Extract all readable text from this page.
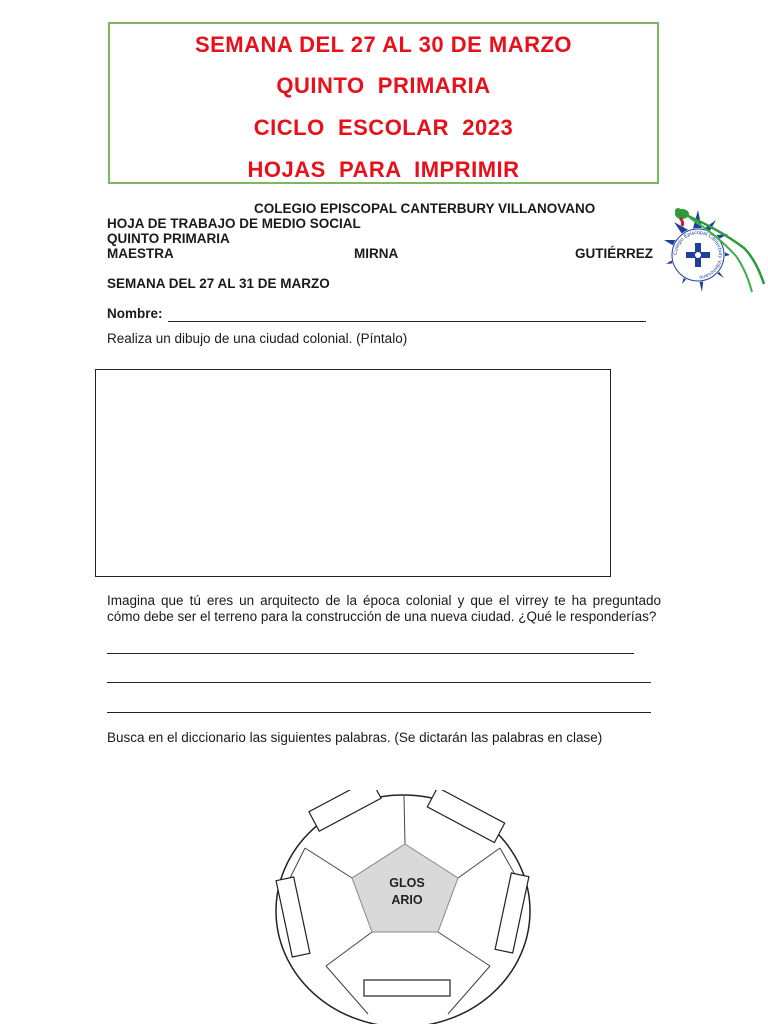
SEMANA DEL 27 AL 30 DE MARZO
QUINTO  PRIMARIA
CICLO  ESCOLAR  2023
HOJAS  PARA  IMPRIMIR
COLEGIO EPISCOPAL CANTERBURY VILLANOVANO
HOJA DE TRABAJO DE MEDIO SOCIAL
QUINTO PRIMARIA
MAESTRA	MIRNA	GUTIÉRREZ
SEMANA DEL 27 AL 31 DE MARZO
Colegio Episcopal Canterbury Villanovano
Nombre:
Realiza un dibujo de una ciudad colonial. (Píntalo)
Imagina que tú eres un arquitecto de la época colonial y que el virrey te ha preguntado cómo debe ser el terreno para la construcción de una nueva ciudad. ¿Qué le responderías?
Busca en el diccionario las siguientes palabras. (Se dictarán las palabras en clase)
GLOS
ARIO
